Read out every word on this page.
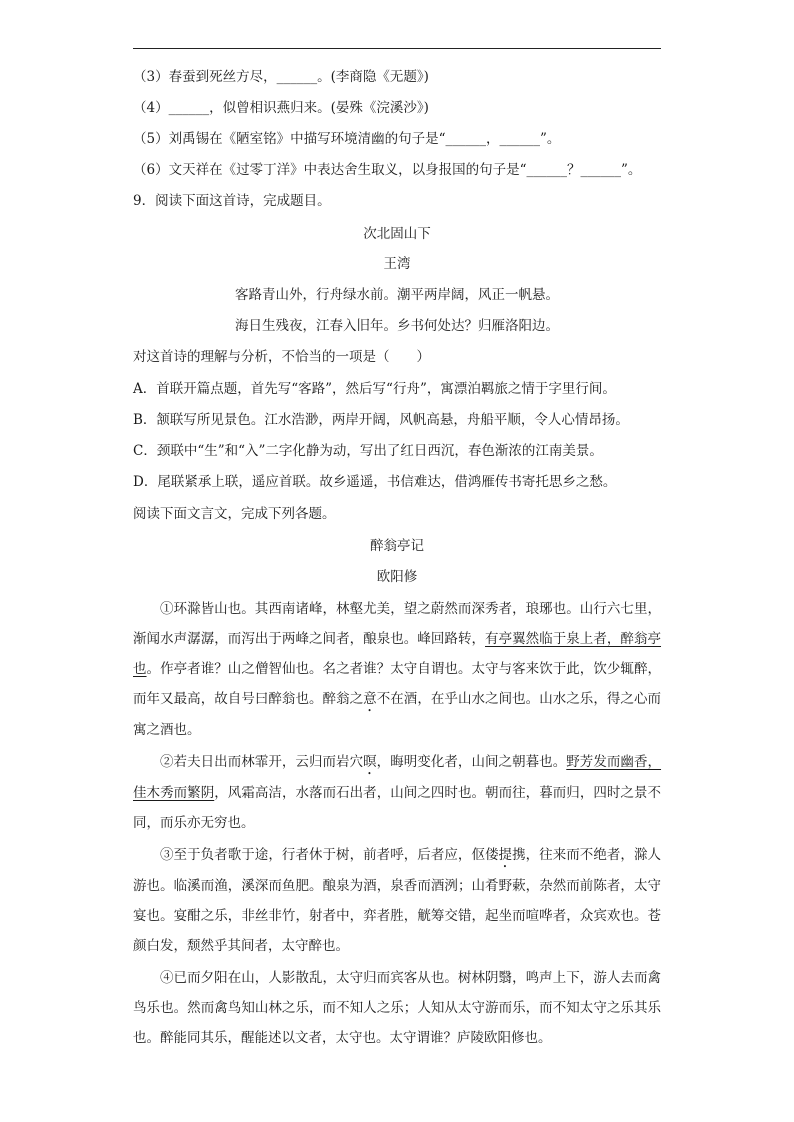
（3）春蚕到死丝方尽，______。(李商隐《无题》)
（4）______，似曾相识燕归来。(晏殊《浣溪沙》)
（5）刘禹锡在《陋室铭》中描写环境清幽的句子是“______，______”。
（6）文天祥在《过零丁洋》中表达舍生取义，以身报国的句子是“______？______”。
9．阅读下面这首诗，完成题目。
次北固山下
王湾
客路青山外，行舟绿水前。潮平两岸阔，风正一帆悬。
海日生残夜，江春入旧年。乡书何处达？归雁洛阳边。
对这首诗的理解与分析，不恰当的一项是（　　）
A．首联开篇点题，首先写“客路”，然后写“行舟”，寓漂泊羁旅之情于字里行间。
B．颔联写所见景色。江水浩渺，两岸开阔，风帆高悬，舟船平顺，令人心情昂扬。
C．颈联中“生”和“入”二字化静为动，写出了红日西沉，春色渐浓的江南美景。
D．尾联紧承上联，遥应首联。故乡遥遥，书信难达，借鸿雁传书寄托思乡之愁。
阅读下面文言文，完成下列各题。
醉翁亭记
欧阳修

①环滁皆山也。其西南诸峰，林壑尤美，望之蔚然而深秀者，琅琊也。山行六七里，渐闻水声潺潺，而泻出于两峰之间者，酿泉也。峰回路转，有亭翼然临于泉上者，醉翁亭也。作亭者谁？山之僧智仙也。名之者谁？太守自谓也。太守与客来饮于此，饮少辄醉，而年又最高，故自号曰醉翁也。醉翁之意不在酒，在乎山水之间也。山水之乐，得之心而寓之酒也。

②若夫日出而林霏开，云归而岩穴暝，晦明变化者，山间之朝暮也。野芳发而幽香，佳木秀而繁阴，风霜高洁，水落而石出者，山间之四时也。朝而往，暮而归，四时之景不同，而乐亦无穷也。

③至于负者歌于途，行者休于树，前者呼，后者应，伛偻提携，往来而不绝者，滁人游也。临溪而渔，溪深而鱼肥。酿泉为酒，泉香而酒洌；山肴野蔌，杂然而前陈者，太守宴也。宴酣之乐，非丝非竹，射者中，弈者胜，觥筹交错，起坐而喧哗者，众宾欢也。苍颜白发，颓然乎其间者，太守醉也。

④已而夕阳在山，人影散乱，太守归而宾客从也。树林阴翳，鸣声上下，游人去而禽鸟乐也。然而禽鸟知山林之乐，而不知人之乐；人知从太守游而乐，而不知太守之乐其乐也。醉能同其乐，醒能述以文者，太守也。太守谓谁？庐陵欧阳修也。
